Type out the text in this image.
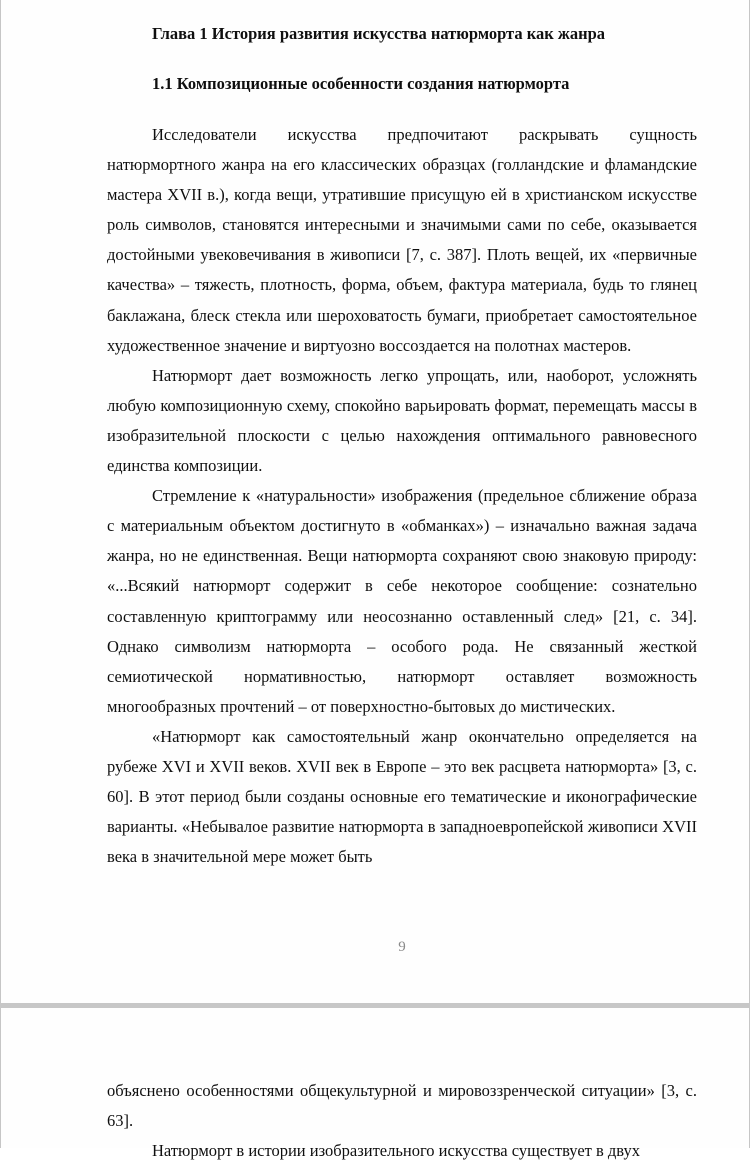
Глава 1 История развития искусства натюрморта как жанра
1.1 Композиционные особенности создания натюрморта

Исследователи искусства предпочитают раскрывать сущность натюрмортного жанра на его классических образцах (голландские и фламандские мастера XVII в.), когда вещи, утратившие присущую ей в христианском искусстве роль символов, становятся интересными и значимыми сами по себе, оказывается достойными увековечивания в живописи [7, с. 387]. Плоть вещей, их «первичные качества» – тяжесть, плотность, форма, объем, фактура материала, будь то глянец баклажана, блеск стекла или шероховатость бумаги, приобретает самостоятельное художественное значение и виртуозно воссоздается на полотнах мастеров.

Натюрморт дает возможность легко упрощать, или, наоборот, усложнять любую композиционную схему, спокойно варьировать формат, перемещать массы в изобразительной плоскости с целью нахождения оптимального равновесного единства композиции.

Стремление к «натуральности» изображения (предельное сближение образа с материальным объектом достигнуто в «обманках») – изначально важная задача жанра, но не единственная. Вещи натюрморта сохраняют свою знаковую природу: «...Всякий натюрморт содержит в себе некоторое сообщение: сознательно составленную криптограмму или неосознанно оставленный след» [21, с. 34]. Однако символизм натюрморта – особого рода. Не связанный жесткой семиотической нормативностью, натюрморт оставляет возможность многообразных прочтений – от поверхностно-бытовых до мистических.

«Натюрморт как самостоятельный жанр окончательно определяется на рубеже XVI и XVII веков. XVII век в Европе – это век расцвета натюрморта» [3, с. 60]. В этот период были созданы основные его тематические и иконографические варианты. «Небывалое развитие натюрморта в западноевропейской живописи XVII века в значительной мере может быть

9

объяснено особенностями общекультурной и мировоззренческой ситуации» [3, с. 63].

Натюрморт в истории изобразительного искусства существует в двух
